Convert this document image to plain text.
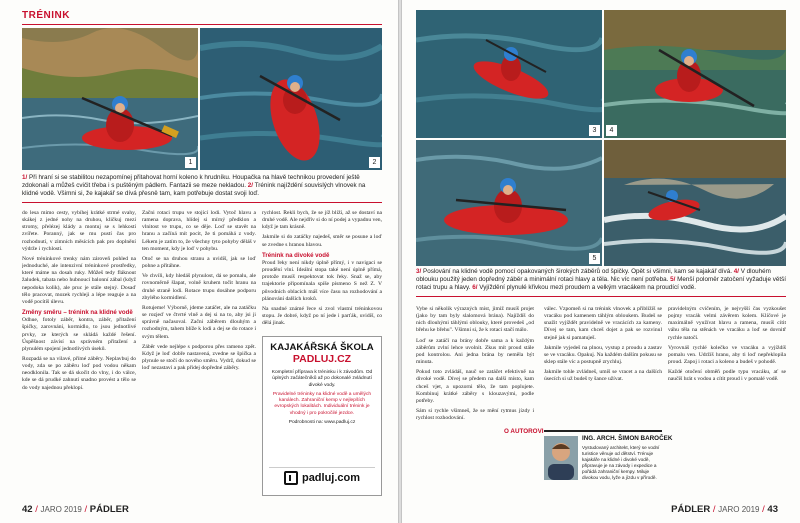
TRÉNINK
1	2
1/ Při hraní si se stabilitou nezapomínej přitahovat horní koleno k hrudníku. Houpačka na hlavě technikou provedení ještě zdokonalí a můžeš cvičit třeba i s puštěným pádlem. Fantazii se meze nekladou. 2/ Trénink najíždění souvislých vlnovek na klidné vodě. Všimni si, že kajakář se dívá přesně tam, kam potřebuje dostat svoji loď.

do lesa mimo cesty, vybíhej krátké strmé svahy, skákej z jedné nohy na druhou, kličkuj mezi stromy, přelézej klády a montuj se s lehkostí zvířete. Poranný, jak se mu pustí čas pro rozhodnutí, v zimních měsících pak pro doplnění výdrže i rychlosti.

Nové tréninkové trenky nám zároveň pohled na jednoduché, ale intenzivní tréninkové prostředky, které máme na dosah ruky. Můžeš tedy fláknout žaludek, tabata nebo hubnoucí balonní zábal (když nepodoka kolik), ale pruc je stále stejný. Dosaď tělo pracovat, mozek rychleji a lépe reaguje a na vodě pocítíš úlevu.

Změny směru – trénink na klidné vodě

Odhue, fotoly záběr, kontra, záběr, přitažení špičky, zarovnání, kormidlo, to jsou jednotlivé prvky, ze kterých se skládá každé řešení. Úspěšnost závisí na správném přitažení a plynulém spojení jednotlivých úseků.

Rozpadá se na vilavé, přímé záběry. Neplavbuj do vody, zda se po záběru loď pod vodou někam neodklonila. Tak se dá skočit do vlny, i do válce, kde se dá prudké zahnutí snadno provést a tělo se do vody najednou překlopí.

Začni rotaci trupu ve stojící lodi. Vytoč hlavu a ramena doprava, hlídej si mírný předklon a vlnitost ve trupu, co se děje. Loď se stavět na hranu a začíná mít pocit, že ti pomáhá z vody. Lékem je zatím to, že všechny tyto pohyby děláš v ten moment, kdy je loď v pohybu.

Otoč se na druhou stranu a uvidíš, jak se loď pohne a přitáhne.

Ve chvíli, kdy hledáš plynulost, dá se pomalu, ale rovnoměrně šlapat, volně kruhem točit hranu na druhé straně lodi. Rotace trupu dosáhne podporu zbylého kormidlení.

Rotujeme! Výborně, jdeme zatáčet, ale na zatáčku se rozjeď ve čtvrté vlně a dej si na to, aby jsi ji správně načasoval. Začni záběrem dlouhým a rozhodným, tahem blíže k lodi a dej se do rotace i svým tělem.

Záběr vede nejlépe s podporou přes rameno zpět. Když je loď dobře nastavená, zvedne se špička a plynule se stočí do nového směru. Vydrž, dokud se loď nezastaví a pak přidej dopředné záběry.

rychlost. Řekli bych, že se jíž blíží, až se dostaví na druhé vodě. Ale nejdřív si do ní podej a vypadnu ven, když je tam krásně.

Jakmile si do zatáčky najedeš, směr se posune a loď se zvedne s hranou hlavou.

Trénink na divoké vodě

Proud řeky není nikdy úplně přímý, i v navigaci se proudění vlní. Ideální stopa také není úplně přímá, protože musíš respektovat tok řeky. Snaž se, aby trajektorie připomínala spíše písmeno S než Z. V původních oblacích máš více času na rozhodování a plánování dalších kroků.

Na snadné známé řece si zvol vlastní tréninkovou stopu. Je dobré, když po ní jede i parťák, uvidíš, co dělá jinak.

KAJAKÁŘSKÁ ŠKOLA
PADLUJ.CZ
Kompletní příprava k tréninku i k závodům. Od úplných začátečníků až po dokonalé zvládnutí divoké vody.
Pravidelné tréninky na klidné vodě a umělých kanálech. Zahraniční kemp v nejlepších evropských lokalitách. Individuální trénink je vhodný i pro pokročilé jezdce.
Podrobnosti na: www.padluj.cz
padluj.com
42 / JARO 2019 / PÁDLER
3	4
5
3/ Poslování na klidné vodě pomocí opakovaných širokých záběrů od špičky. Opět si všimni, kam se kajakář dívá. 4/ V dlouhém oblouku použitý jeden dopředný záběr a minimální rotaci hlavy a těla. Nic víc není potřeba. 5/ Menší poloměr zatočení vyžaduje větší rotaci trupu a hlavy. 6/ Vyjíždění plynulé křivkou mezi proudem a velkým vracákem na proudící vodě.

Vybe si několik výrazných míst, jimiž musíš projet (jako by tam byly slalomová brána). Najíždíš do nich dlouhými táhlými oblouky, které provedeš „od břehu ke břehu". Všimni si, že k rotaci stačí málo.

Loď se zatáčí na brány dobře sama a k každým záběrům zvlní lehce uvolnit. Zkus mít proud stále pod kontrolou. Ani jedna brána by neměla být minuta.

Pokud toto zvládáš, nauč se zatáčet efektivně na divoké vodě. Dívej se předem na další místo, kam chceš vjet, a upozorni tělo, že tam poplujete. Kombinuj krátké záběry s klouzavými, podle potřeby.

Sám si rychle všimneš, že se mění rytmus jízdy i rychlost rozhodování.

válec. Vzpomeň si na trénink vlnovek a přiblížíš se vracáku pod kamenem táhlým obloukem. Budeš se snažit vyjíždět pravidelně ve vracácích za kameny. Dívej se tam, kam chceš dojet a pak se rozvinul stejně jak si pamatuješ.

Jakmile vyjedeš na plnou, vystup z proudu a zastav se ve vracáku. Opakuj. Na každém dalším pokusu se sklep stále víc a postupně zrychluj.

Jakmile tohle zvládneš, umíš se vracet a na dalších úsecích si už budeš ty šance užívat.

pravidelným cvičením, je nejvyšší čas vyzkoušet pojmy vracák velmi závěrem kolem. Klíčové je maximálně využívat hlavu a ramena, musíš cítit váhu těla na stěnách ve vracáku a loď se dovnitř rychle natočí.

Vyrovnáš rychlé kolečko ve vracáku a vyjíždíš pomalu ven. Udržíš hranu, aby ti loď nepřeklopila proud. Zapoj i rotaci a koleno a budeš v pohodě.

Každé otočení obměň podle typu vracáku, ať se naučíš hrát s vodou a cítit proud i v pomalé vodě.

O AUTOROVI
ING. ARCH. ŠIMON BAROČEK
Vystudovaný architekt, který se vodní turistice věnuje od dětství. Trénuje kajakáře na klidné i divoké vodě, připravuje je na závody i expedice a pořádá zahraniční kempy. Miluje divokou vodu, lyže a jízdu v přírodě.
PÁDLER / JARO 2019 / 43
